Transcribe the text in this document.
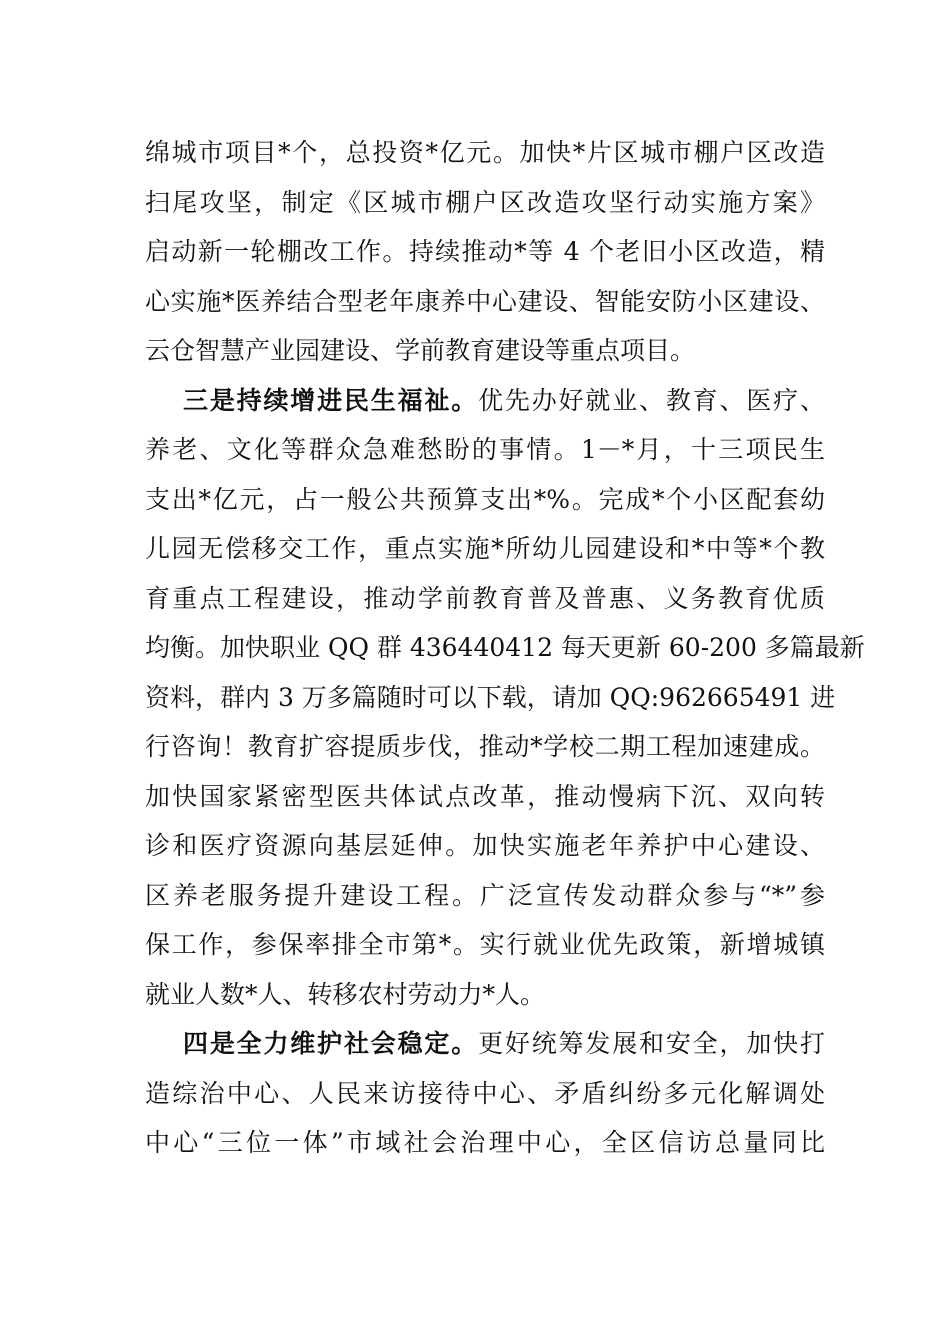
绵城市项目*个，总投资*亿元。加快*片区城市棚户区改造
扫尾攻坚，制定《区城市棚户区改造攻坚行动实施方案》
启动新一轮棚改工作。持续推动*等 4 个老旧小区改造，精
心实施*医养结合型老年康养中心建设、智能安防小区建设、
云仓智慧产业园建设、学前教育建设等重点项目。
三是持续增进民生福祉。优先办好就业、教育、医疗、
养老、文化等群众急难愁盼的事情。1－*月，十三项民生
支出*亿元，占一般公共预算支出*%。完成*个小区配套幼
儿园无偿移交工作，重点实施*所幼儿园建设和*中等*个教
育重点工程建设，推动学前教育普及普惠、义务教育优质
均衡。加快职业 QQ 群 436440412 每天更新 60-200 多篇最新
资料，群内 3 万多篇随时可以下载，请加 QQ:962665491 进
行咨询！教育扩容提质步伐，推动*学校二期工程加速建成。
加快国家紧密型医共体试点改革，推动慢病下沉、双向转
诊和医疗资源向基层延伸。加快实施老年养护中心建设、
区养老服务提升建设工程。广泛宣传发动群众参与“*”参
保工作，参保率排全市第*。实行就业优先政策，新增城镇
就业人数*人、转移农村劳动力*人。
四是全力维护社会稳定。更好统筹发展和安全，加快打
造综治中心、人民来访接待中心、矛盾纠纷多元化解调处
中心“三位一体”市域社会治理中心，全区信访总量同比
